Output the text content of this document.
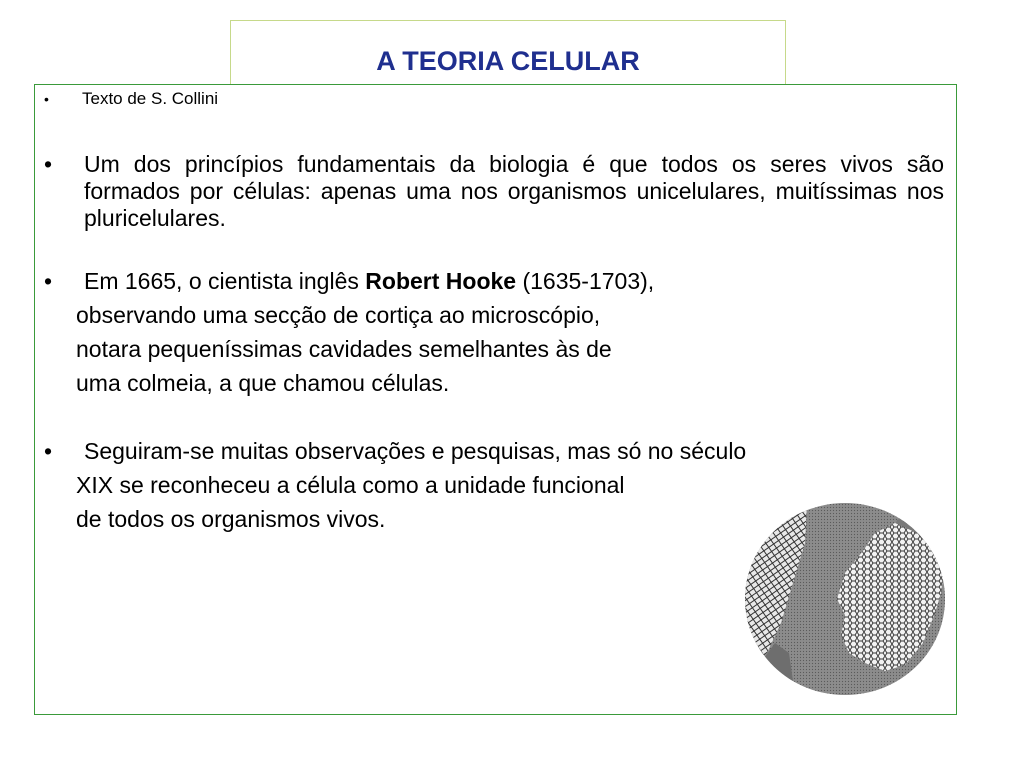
A TEORIA CELULAR
• Texto de S. Collini
• Um dos princípios fundamentais da biologia é que todos os seres vivos são formados por células: apenas uma nos organismos unicelulares, muitíssimas nos pluricelulares.
•	Em 1665, o cientista inglês Robert Hooke (1635-1703),
observando uma secção de cortiça ao microscópio,
notara pequeníssimas cavidades semelhantes às de
uma colmeia, a que chamou células.
•	Seguiram-se muitas observações e pesquisas, mas só no século
XIX se reconheceu a célula como a unidade funcional
de todos os organismos vivos.
